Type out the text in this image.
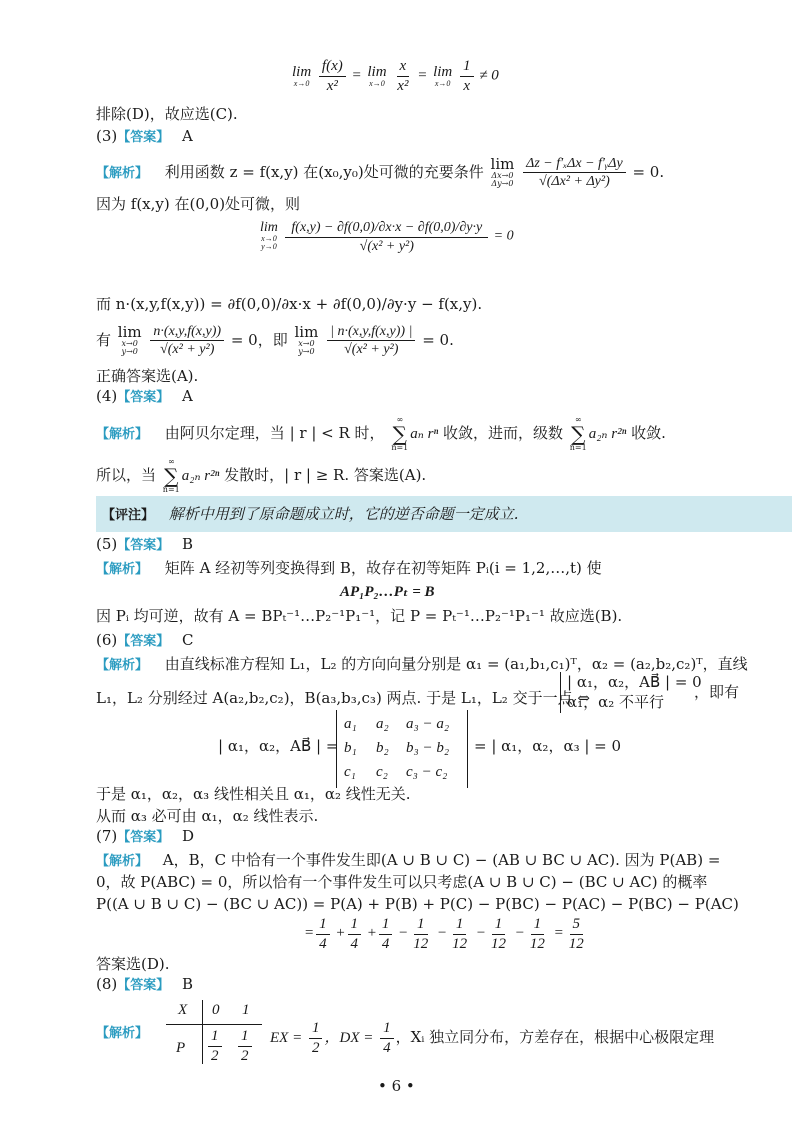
lim
x→0
$\frac{f(x)}{\text{x²}} = \lim$
x→0
$\frac{x}{\text{x²}} = \lim$
x→0
$\frac{1}{x} \ne 0$
排除(D)，故应选(C).
(3)【答案】 A
【解析】 利用函数 z = f(x,y) 在(x₀,y₀)处可微的充要条件 lim
Δx→0
Δy→0

Δz − f′ₓΔx − f′ᵧΔy
√(Δx² + Δy²)
= 0.
因为 f(x,y) 在(0,0)处可微，则
lim
x→0
y→0
$\frac{f(x,y) - \partial f(0,0)/\partial x\cdot x - \partial f(0,0)/\partial y\cdot y}{\text{√(x² + y²)}} = 0$
而 n·(x,y,f(x,y)) = ∂f(0,0)/∂x·x + ∂f(0,0)/∂y·y − f(x,y).
有 lim
x→0
y→0
$\frac{n\cdot(x,y,f(x,y))}{\text{√(x² + y²)}} = 0$，即 lim
x→0
y→0
$\frac{| n\cdot(x,y,f(x,y)) |}{\text{√(x² + y²)}} = 0$.
正确答案选(A).
(4)【答案】 A
【解析】 由阿贝尔定理，当 | r | < R 时，
∞
∑
n=1
aₙ rⁿ 收敛，进而，级数
∞
∑
n=1
a₂ₙ r²ⁿ 收敛.
所以，当
∞
∑
n=1
a₂ₙ r²ⁿ 发散时，| r | ≥ R. 答案选(A).
【评注】 解析中用到了原命题成立时，它的逆否命题一定成立.
(5)【答案】 B
【解析】 矩阵 A 经初等列变换得到 B，故存在初等矩阵 Pᵢ(i = 1,2,…,t) 使
AP₁P₂…Pₜ = B
因 Pᵢ 均可逆，故有 A = BPₜ⁻¹…P₂⁻¹P₁⁻¹，记 P = Pₜ⁻¹…P₂⁻¹P₁⁻¹ 故应选(B).
(6)【答案】 C
【解析】 由直线标准方程知 L₁，L₂ 的方向向量分别是 α₁ = (a₁,b₁,c₁)ᵀ，α₂ = (a₂,b₂,c₂)ᵀ，直线
L₁，L₂ 分别经过 A(a₂,b₂,c₂)，B(a₃,b₃,c₃) 两点. 于是 L₁，L₂ 交于一点 ⇔
| α₁，α₂，AB⃗ | = 0
α₁，α₂ 不平行
，即有
| α₁，α₂，AB⃗ | =
a₁ a₂ a₃ − a₂
b₁ b₂ b₃ − b₂
c₁ c₂ c₃ − c₂
= | α₁，α₂，α₃ | = 0
于是 α₁，α₂，α₃ 线性相关且 α₁，α₂ 线性无关.
从而 α₃ 必可由 α₁，α₂ 线性表示.
(7)【答案】 D
【解析】 A，B，C 中恰有一个事件发生即(A ∪ B ∪ C) − (AB ∪ BC ∪ AC). 因为 P(AB) =
0，故 P(ABC) = 0，所以恰有一个事件发生可以只考虑(A ∪ B ∪ C) − (BC ∪ AC) 的概率
P((A ∪ B ∪ C) − (BC ∪ AC)) = P(A) + P(B) + P(C) − P(BC) − P(AC) − P(BC) − P(AC)
= $\frac{1}{4} + \frac{1}{4} + \frac{1}{4} - \frac{1}{12} - \frac{1}{12} - \frac{1}{12} - \frac{1}{12} = \frac{5}{12}$
答案选(D).
(8)【答案】 B
【解析】
X
P
0 1
$\frac{1}{2} \frac{1}{2}$ EX = $\frac{1}{2}$ ，DX = $\frac{1}{4}$ ，Xᵢ 独立同分布，方差存在，根据中心极限定理
• 6 •
